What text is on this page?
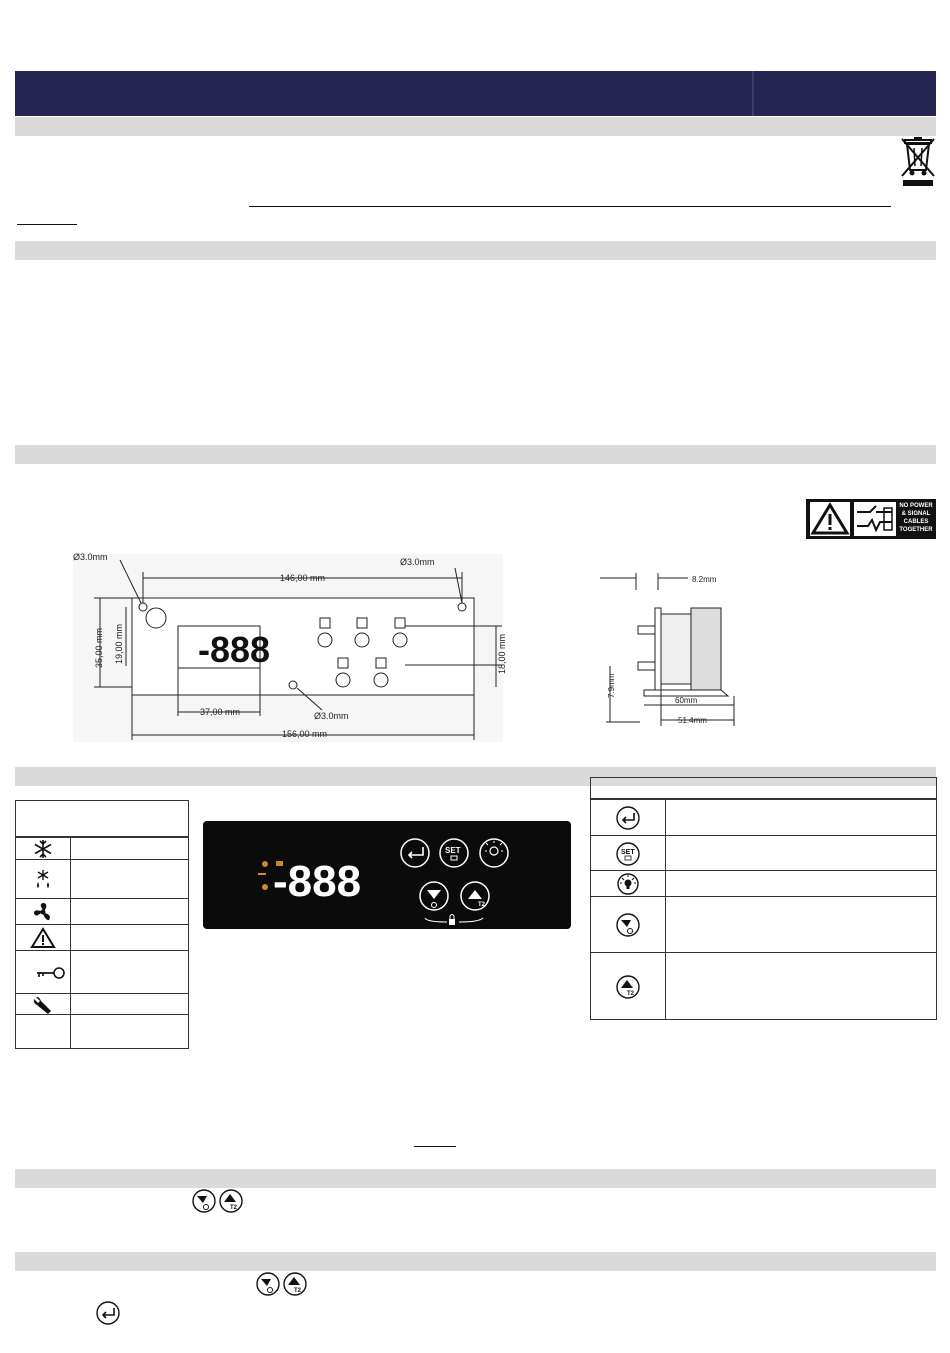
NO POWER & SIGNAL CABLES TOGETHER
-888
146,00 mm
35,00 mm 19,00 mm	18,00 mm
37,00 mm
156,00 mm
Ø3.0mm	Ø3.0mm
Ø3.0mm
8.2mm
7.9mm
60mm
51.4mm
-888
SET
T2
SET
T2
T2
T2
